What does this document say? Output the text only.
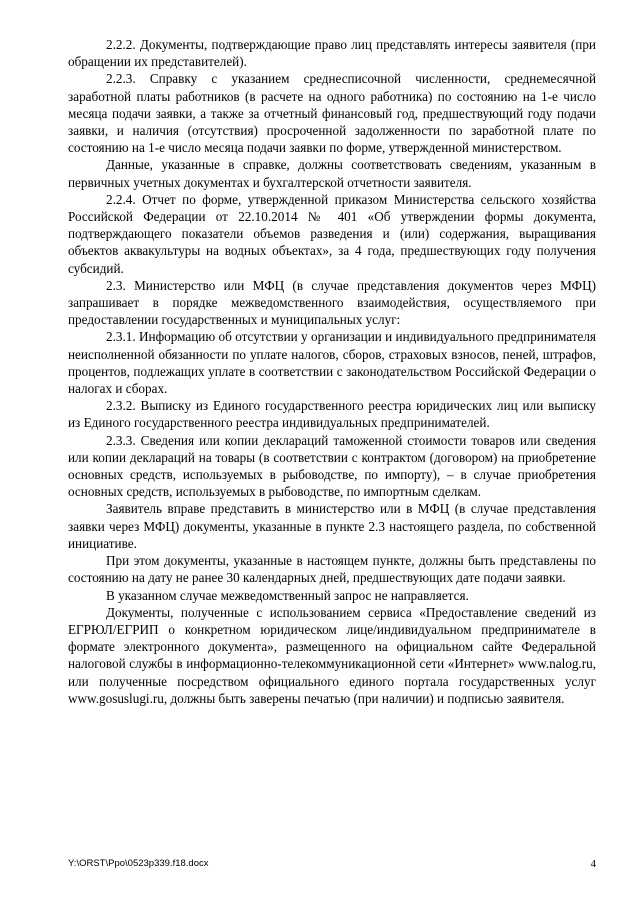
2.2.2. Документы, подтверждающие право лиц представлять интересы заявителя (при обращении их представителей).

2.2.3. Справку с указанием среднесписочной численности, среднемесячной заработной платы работников (в расчете на одного работника) по состоянию на 1-е число месяца подачи заявки, а также за отчетный финансовый год, предшествующий году подачи заявки, и наличия (отсутствия) просроченной задолженности по заработной плате по состоянию на 1-е число месяца подачи заявки по форме, утвержденной министерством.

Данные, указанные в справке, должны соответствовать сведениям, указанным в первичных учетных документах и бухгалтерской отчетности заявителя.

2.2.4. Отчет по форме, утвержденной приказом Министерства сельского хозяйства Российской Федерации от 22.10.2014 № 401 «Об утверждении формы документа, подтверждающего показатели объемов разведения и (или) содержания, выращивания объектов аквакультуры на водных объектах», за 4 года, предшествующих году получения субсидий.

2.3. Министерство или МФЦ (в случае представления документов через МФЦ) запрашивает в порядке межведомственного взаимодействия, осуществляемого при предоставлении государственных и муниципальных услуг:

2.3.1. Информацию об отсутствии у организации и индивидуального предпринимателя неисполненной обязанности по уплате налогов, сборов, страховых взносов, пеней, штрафов, процентов, подлежащих уплате в соответствии с законодательством Российской Федерации о налогах и сборах.

2.3.2. Выписку из Единого государственного реестра юридических лиц или выписку из Единого государственного реестра индивидуальных предпринимателей.

2.3.3. Сведения или копии деклараций таможенной стоимости товаров или сведения или копии деклараций на товары (в соответствии с контрактом (договором) на приобретение основных средств, используемых в рыбоводстве, по импорту), – в случае приобретения основных средств, используемых в рыбоводстве, по импортным сделкам.

Заявитель вправе представить в министерство или в МФЦ (в случае представления заявки через МФЦ) документы, указанные в пункте 2.3 настоящего раздела, по собственной инициативе.

При этом документы, указанные в настоящем пункте, должны быть представлены по состоянию на дату не ранее 30 календарных дней, предшествующих дате подачи заявки.

В указанном случае межведомственный запрос не направляется.

Документы, полученные с использованием сервиса «Предоставление сведений из ЕГРЮЛ/ЕГРИП о конкретном юридическом лице/индивидуальном предпринимателе в формате электронного документа», размещенного на официальном сайте Федеральной налоговой службы в информационно-телекоммуникационной сети «Интернет» www.nalog.ru, или полученные посредством официального единого портала государственных услуг www.gosuslugi.ru, должны быть заверены печатью (при наличии) и подписью заявителя.

Y:\ORST\Ppo\0523p339.f18.docx	4
